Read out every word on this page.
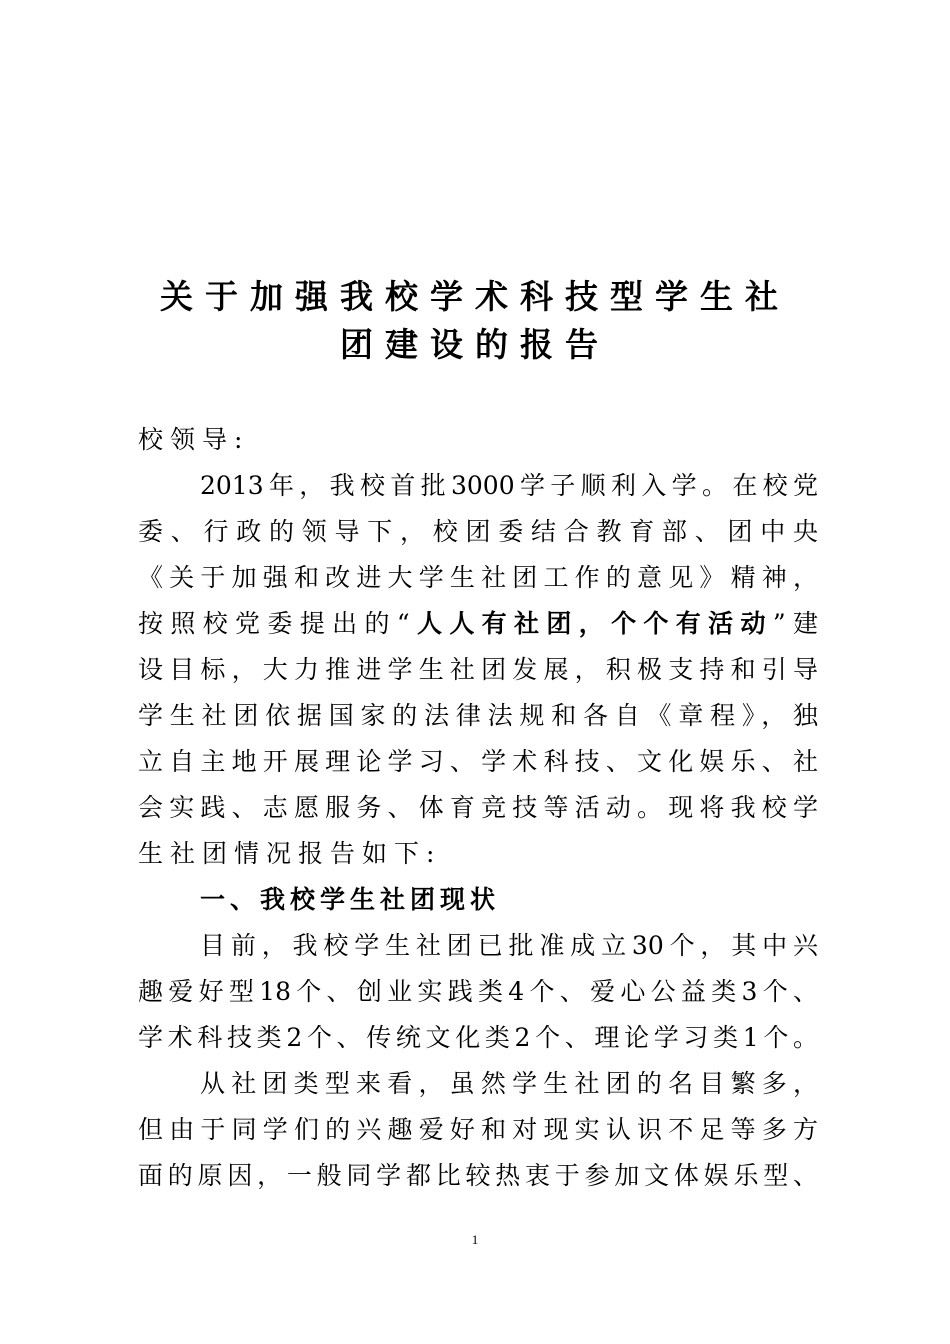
关于加强我校学术科技型学生社
团建设的报告
校领导:
2013年，我校首批3000学子顺利入学。在校党
委、行政的领导下，校团委结合教育部、团中央
《关于加强和改进大学生社团工作的意见》精神，
按照校党委提出的“人人有社团，个个有活动”建
设目标，大力推进学生社团发展，积极支持和引导
学生社团依据国家的法律法规和各自《章程》，独
立自主地开展理论学习、学术科技、文化娱乐、社
会实践、志愿服务、体育竞技等活动。现将我校学
生社团情况报告如下:
一、我校学生社团现状
目前，我校学生社团已批准成立30个，其中兴
趣爱好型18个、创业实践类4个、爱心公益类3个、
学术科技类2个、传统文化类2个、理论学习类1个。
从社团类型来看，虽然学生社团的名目繁多，
但由于同学们的兴趣爱好和对现实认识不足等多方
面的原因，一般同学都比较热衷于参加文体娱乐型、
1
